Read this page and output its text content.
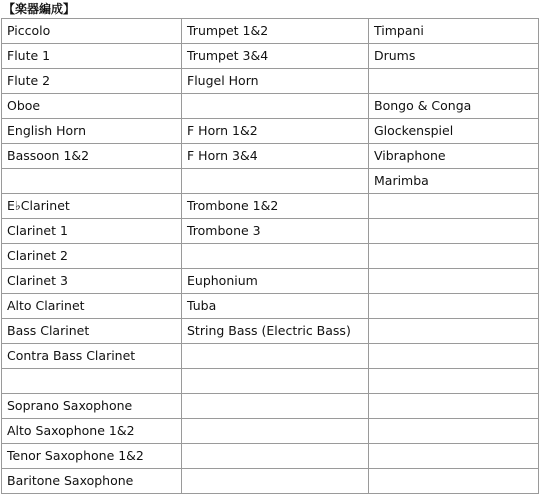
【楽器編成】
Piccolo	Trumpet 1&2	Timpani
Flute 1	Trumpet 3&4	Drums
Flute 2	Flugel Horn	
Oboe		Bongo & Conga
English Horn	F Horn 1&2	Glockenspiel
Bassoon 1&2	F Horn 3&4	Vibraphone
		Marimba
E♭Clarinet	Trombone 1&2	
Clarinet 1	Trombone 3	
Clarinet 2		
Clarinet 3	Euphonium	
Alto Clarinet	Tuba	
Bass Clarinet	String Bass (Electric Bass)	
Contra Bass Clarinet		

Soprano Saxophone		
Alto Saxophone 1&2		
Tenor Saxophone 1&2		
Baritone Saxophone		
